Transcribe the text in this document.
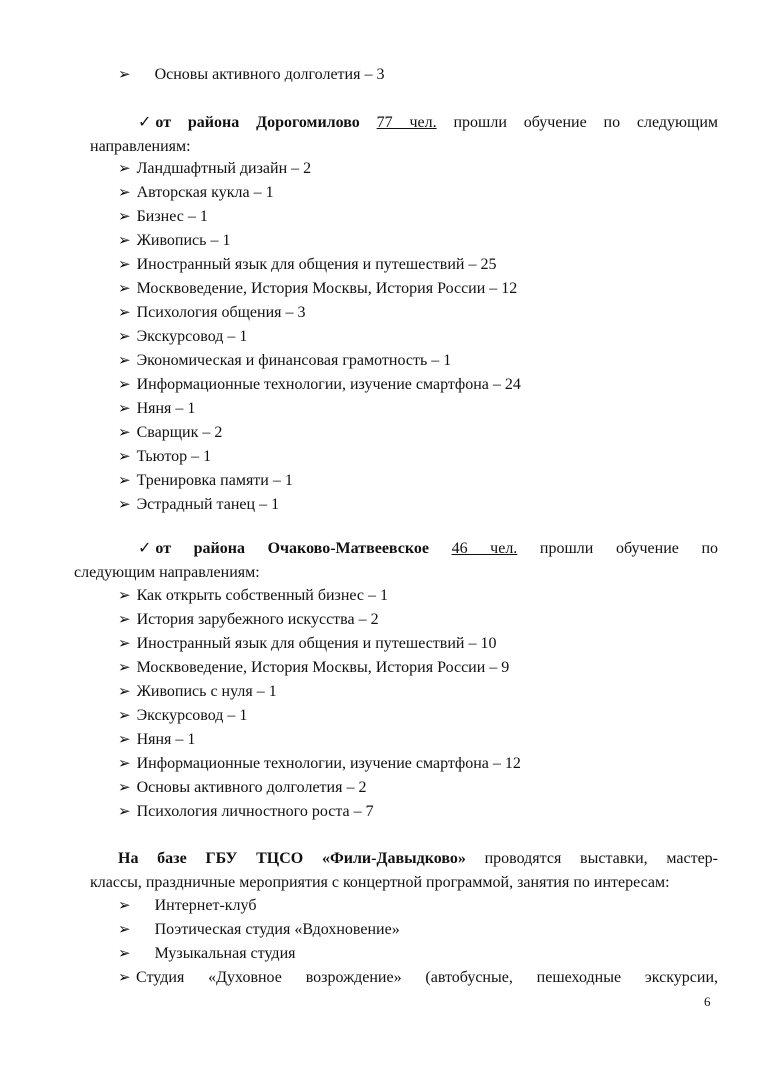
➢ Основы активного долголетия – 3
✓ от района Дорогомилово 77 чел. прошли обучение по следующим
направлениям:
➢ Ландшафтный дизайн – 2
➢ Авторская кукла – 1
➢ Бизнес – 1
➢ Живопись – 1
➢ Иностранный язык для общения и путешествий – 25
➢ Москвоведение, История Москвы, История России – 12
➢ Психология общения – 3
➢ Экскурсовод – 1
➢ Экономическая и финансовая грамотность – 1
➢ Информационные технологии, изучение смартфона – 24
➢ Няня – 1
➢ Сварщик – 2
➢ Тьютор – 1
➢ Тренировка памяти – 1
➢ Эстрадный танец – 1
✓ от района Очаково-Матвеевское 46 чел. прошли обучение по
следующим направлениям:
➢ Как открыть собственный бизнес – 1
➢ История зарубежного искусства – 2
➢ Иностранный язык для общения и путешествий – 10
➢ Москвоведение, История Москвы, История России – 9
➢ Живопись с нуля – 1
➢ Экскурсовод – 1
➢ Няня – 1
➢ Информационные технологии, изучение смартфона – 12
➢ Основы активного долголетия – 2
➢ Психология личностного роста – 7
На базе ГБУ ТЦСО «Фили-Давыдково» проводятся выставки, мастер-
классы, праздничные мероприятия с концертной программой, занятия по интересам:
➢ Интернет-клуб
➢ Поэтическая студия «Вдохновение»
➢ Музыкальная студия
➢ Студия «Духовное возрождение» (автобусные, пешеходные экскурсии,
6
